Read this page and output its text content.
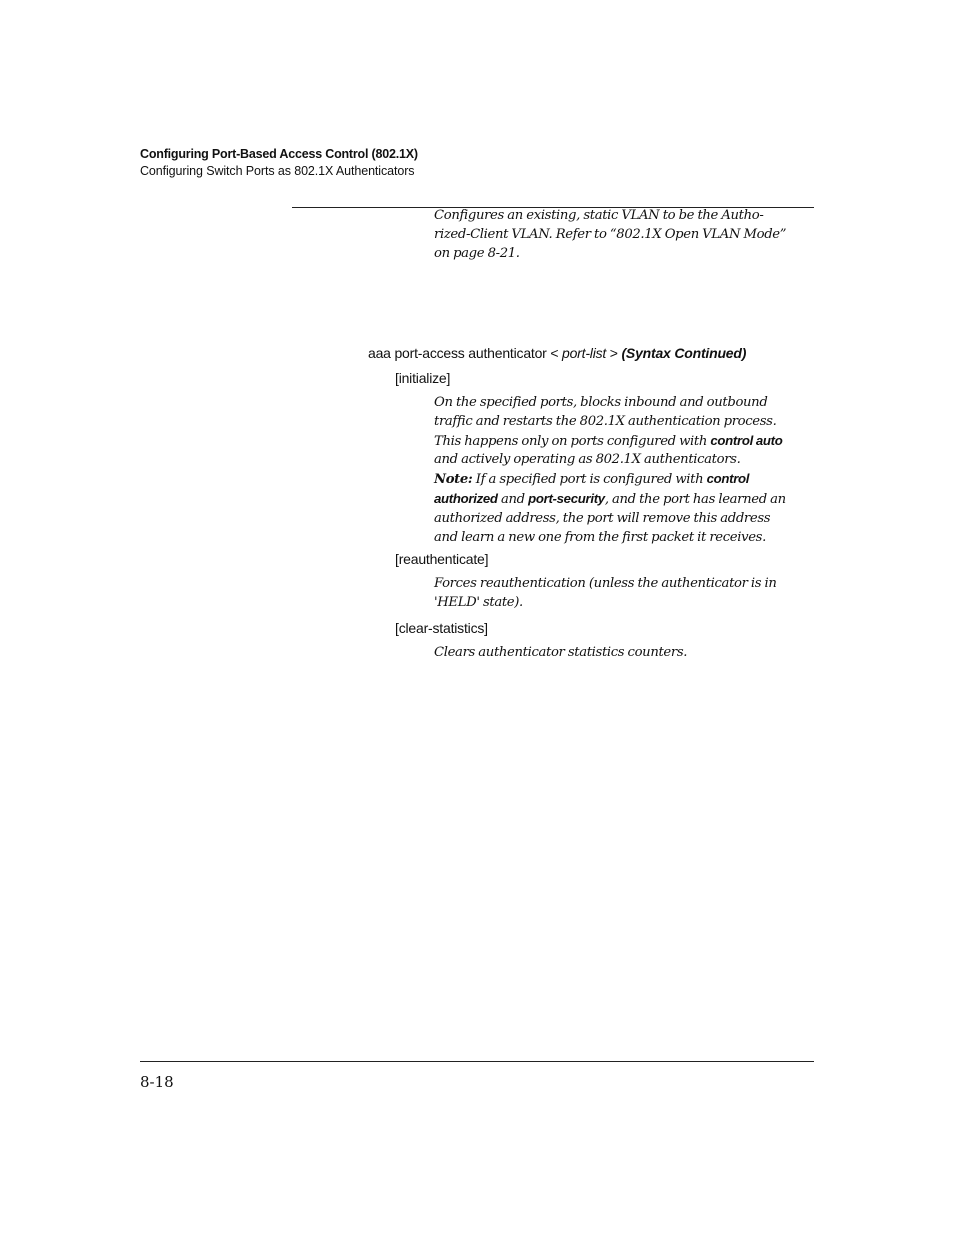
Configuring Port-Based Access Control (802.1X)
Configuring Switch Ports as 802.1X Authenticators
Configures an existing, static VLAN to be the Autho-
rized-Client VLAN. Refer to “802.1X Open VLAN Mode”
on page 8-21.
aaa port-access authenticator < port-list > (Syntax Continued)
[initialize]
On the specified ports, blocks inbound and outbound
traffic and restarts the 802.1X authentication process.
This happens only on ports configured with control auto
and actively operating as 802.1X authenticators.
Note: If a specified port is configured with control
authorized and port-security, and the port has learned an
authorized address, the port will remove this address
and learn a new one from the first packet it receives.
[reauthenticate]
Forces reauthentication (unless the authenticator is in
'HELD' state).
[clear-statistics]
Clears authenticator statistics counters.
8-18
